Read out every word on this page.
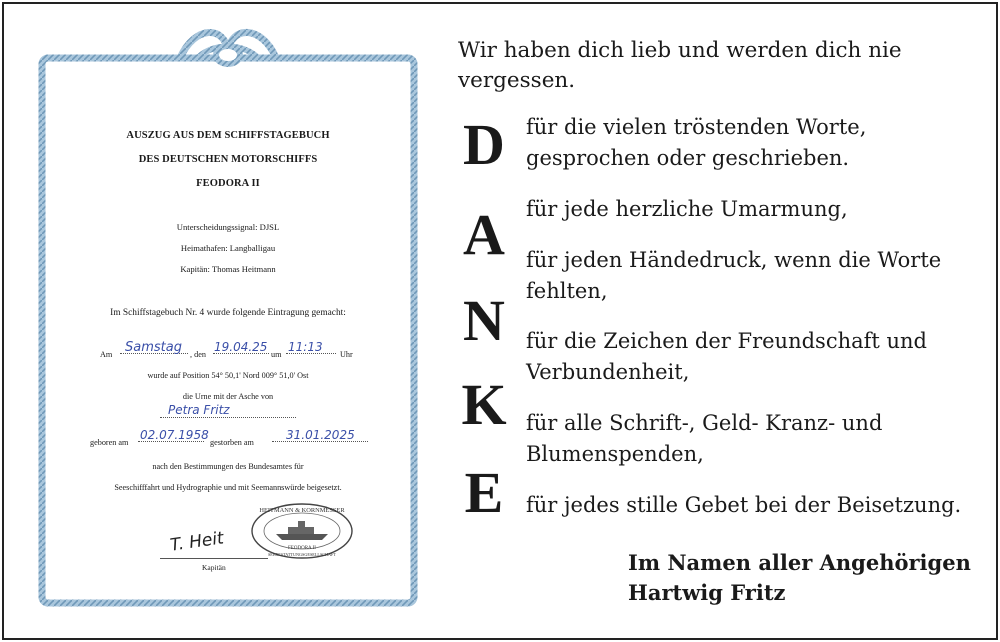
AUSZUG AUS DEM SCHIFFSTAGEBUCH
DES DEUTSCHEN MOTORSCHIFFS
FEODORA II
Unterscheidungssignal: DJSL
Heimathafen: Langballigau
Kapitän: Thomas Heitmann
Im Schiffstagebuch Nr. 4 wurde folgende Eintragung gemacht:
Am Samstag , den
19.04.25
um
11:13
Uhr
wurde auf Position 54° 50,1' Nord 009° 51,0' Ost
die Urne mit der Asche von
Petra Fritz
geboren am
02.07.1958
gestorben am
31.01.2025
nach den Bestimmungen des Bundesamtes für
Seeschifffahrt und Hydrographie und mit Seemannswürde beigesetzt.
T. Heit
Kapitän
HEITMANN & KORNMESSER
FEODORA II
SEEBESTATTUNGSGESELLSCHAFT
Wir haben dich lieb und werden dich nie vergessen.
D
A
N
K
E
für die vielen tröstenden Worte,
gesprochen oder geschrieben.
für jede herzliche Umarmung,
für jeden Händedruck, wenn die Worte
fehlten,
für die Zeichen der Freundschaft und
Verbundenheit,
für alle Schrift-, Geld- Kranz- und
Blumenspenden,
für jedes stille Gebet bei der Beisetzung.
Im Namen aller Angehörigen
Hartwig Fritz
